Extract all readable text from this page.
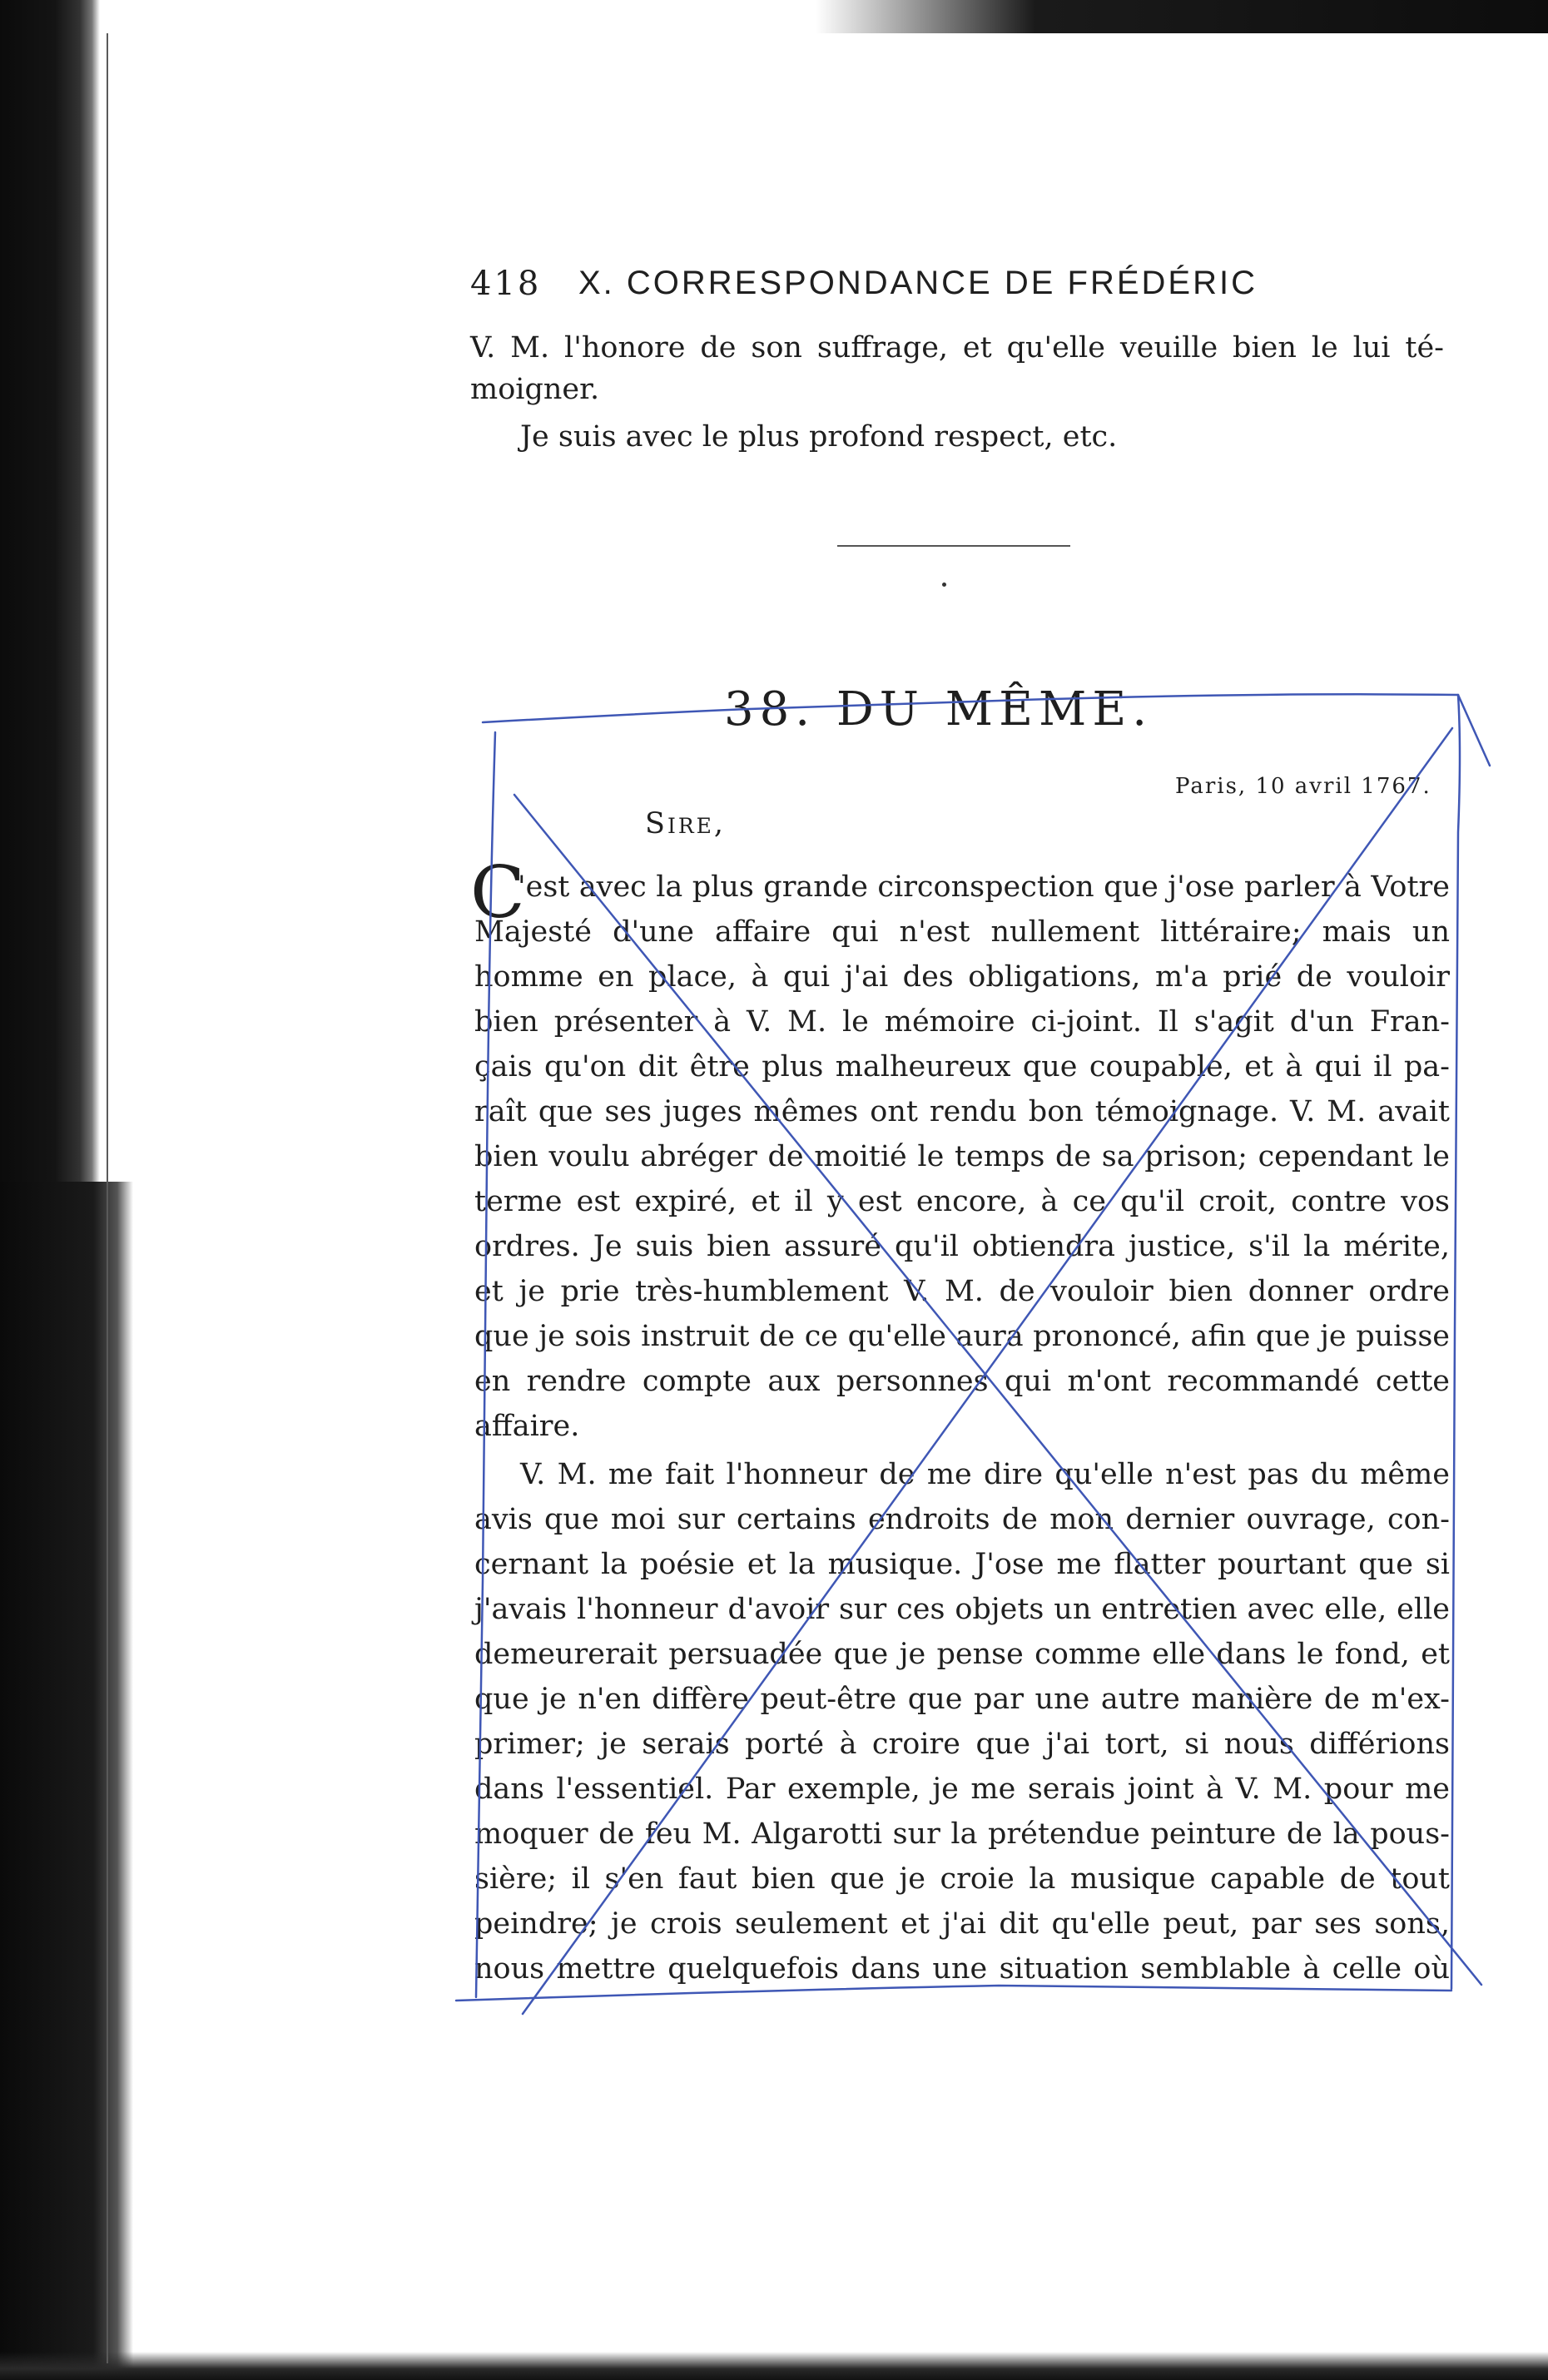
418 X. CORRESPONDANCE DE FRÉDÉRIC
V. M. l'honore de son suffrage, et qu'elle veuille bien le lui té-
moigner.
Je suis avec le plus profond respect, etc.
38. DU MÊME.
Paris, 10 avril 1767.
Sire,
C
'est avec la plus grande circonspection que j'ose parler à Votre
Majesté d'une affaire qui n'est nullement littéraire; mais un
homme en place, à qui j'ai des obligations, m'a prié de vouloir
bien présenter à V. M. le mémoire ci-joint. Il s'agit d'un Fran-
çais qu'on dit être plus malheureux que coupable, et à qui il pa-
raît que ses juges mêmes ont rendu bon témoignage. V. M. avait
bien voulu abréger de moitié le temps de sa prison; cependant le
terme est expiré, et il y est encore, à ce qu'il croit, contre vos
ordres. Je suis bien assuré qu'il obtiendra justice, s'il la mérite,
et je prie très-humblement V. M. de vouloir bien donner ordre
que je sois instruit de ce qu'elle aura prononcé, afin que je puisse
en rendre compte aux personnes qui m'ont recommandé cette
affaire.
V. M. me fait l'honneur de me dire qu'elle n'est pas du même
avis que moi sur certains endroits de mon dernier ouvrage, con-
cernant la poésie et la musique. J'ose me flatter pourtant que si
j'avais l'honneur d'avoir sur ces objets un entretien avec elle, elle
demeurerait persuadée que je pense comme elle dans le fond, et
que je n'en diffère peut-être que par une autre manière de m'ex-
primer; je serais porté à croire que j'ai tort, si nous différions
dans l'essentiel. Par exemple, je me serais joint à V. M. pour me
moquer de feu M. Algarotti sur la prétendue peinture de la pous-
sière; il s'en faut bien que je croie la musique capable de tout
peindre; je crois seulement et j'ai dit qu'elle peut, par ses sons,
nous mettre quelquefois dans une situation semblable à celle où
